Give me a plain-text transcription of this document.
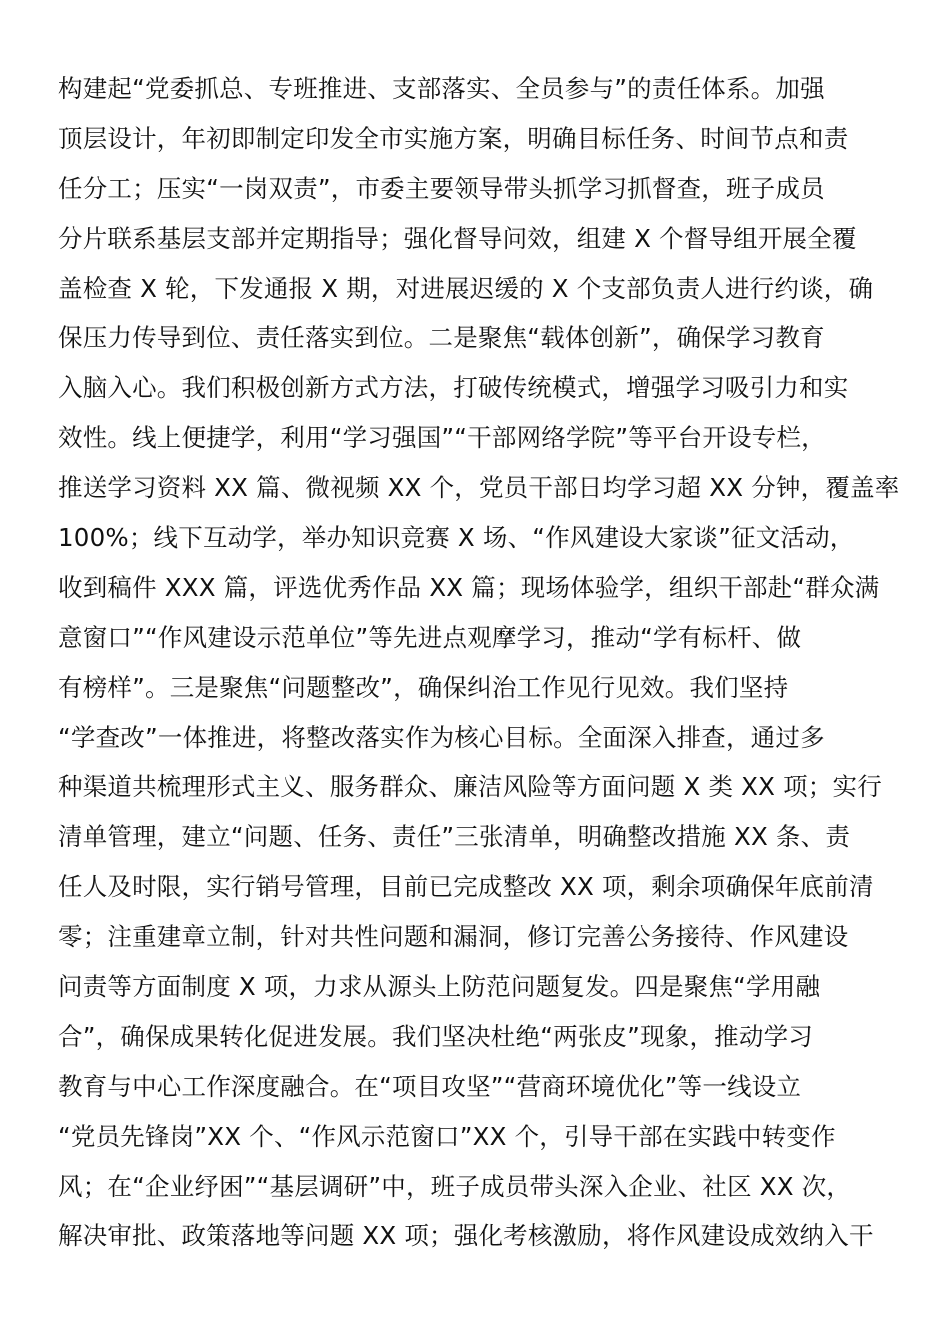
构建起“党委抓总、专班推进、支部落实、全员参与”的责任体系。加强
顶层设计，年初即制定印发全市实施方案，明确目标任务、时间节点和责
任分工；压实“一岗双责”，市委主要领导带头抓学习抓督查，班子成员
分片联系基层支部并定期指导；强化督导问效，组建 X 个督导组开展全覆
盖检查 X 轮，下发通报 X 期，对进展迟缓的 X 个支部负责人进行约谈，确
保压力传导到位、责任落实到位。二是聚焦“载体创新”，确保学习教育
入脑入心。我们积极创新方式方法，打破传统模式，增强学习吸引力和实
效性。线上便捷学，利用“学习强国”“干部网络学院”等平台开设专栏，
推送学习资料 XX 篇、微视频 XX 个，党员干部日均学习超 XX 分钟，覆盖率
100%；线下互动学，举办知识竞赛 X 场、“作风建设大家谈”征文活动，
收到稿件 XXX 篇，评选优秀作品 XX 篇；现场体验学，组织干部赴“群众满
意窗口”“作风建设示范单位”等先进点观摩学习，推动“学有标杆、做
有榜样”。三是聚焦“问题整改”，确保纠治工作见行见效。我们坚持
“学查改”一体推进，将整改落实作为核心目标。全面深入排查，通过多
种渠道共梳理形式主义、服务群众、廉洁风险等方面问题 X 类 XX 项；实行
清单管理，建立“问题、任务、责任”三张清单，明确整改措施 XX 条、责
任人及时限，实行销号管理，目前已完成整改 XX 项，剩余项确保年底前清
零；注重建章立制，针对共性问题和漏洞，修订完善公务接待、作风建设
问责等方面制度 X 项，力求从源头上防范问题复发。四是聚焦“学用融
合”，确保成果转化促进发展。我们坚决杜绝“两张皮”现象，推动学习
教育与中心工作深度融合。在“项目攻坚”“营商环境优化”等一线设立
“党员先锋岗”XX 个、“作风示范窗口”XX 个，引导干部在实践中转变作
风；在“企业纾困”“基层调研”中，班子成员带头深入企业、社区 XX 次，
解决审批、政策落地等问题 XX 项；强化考核激励，将作风建设成效纳入干
